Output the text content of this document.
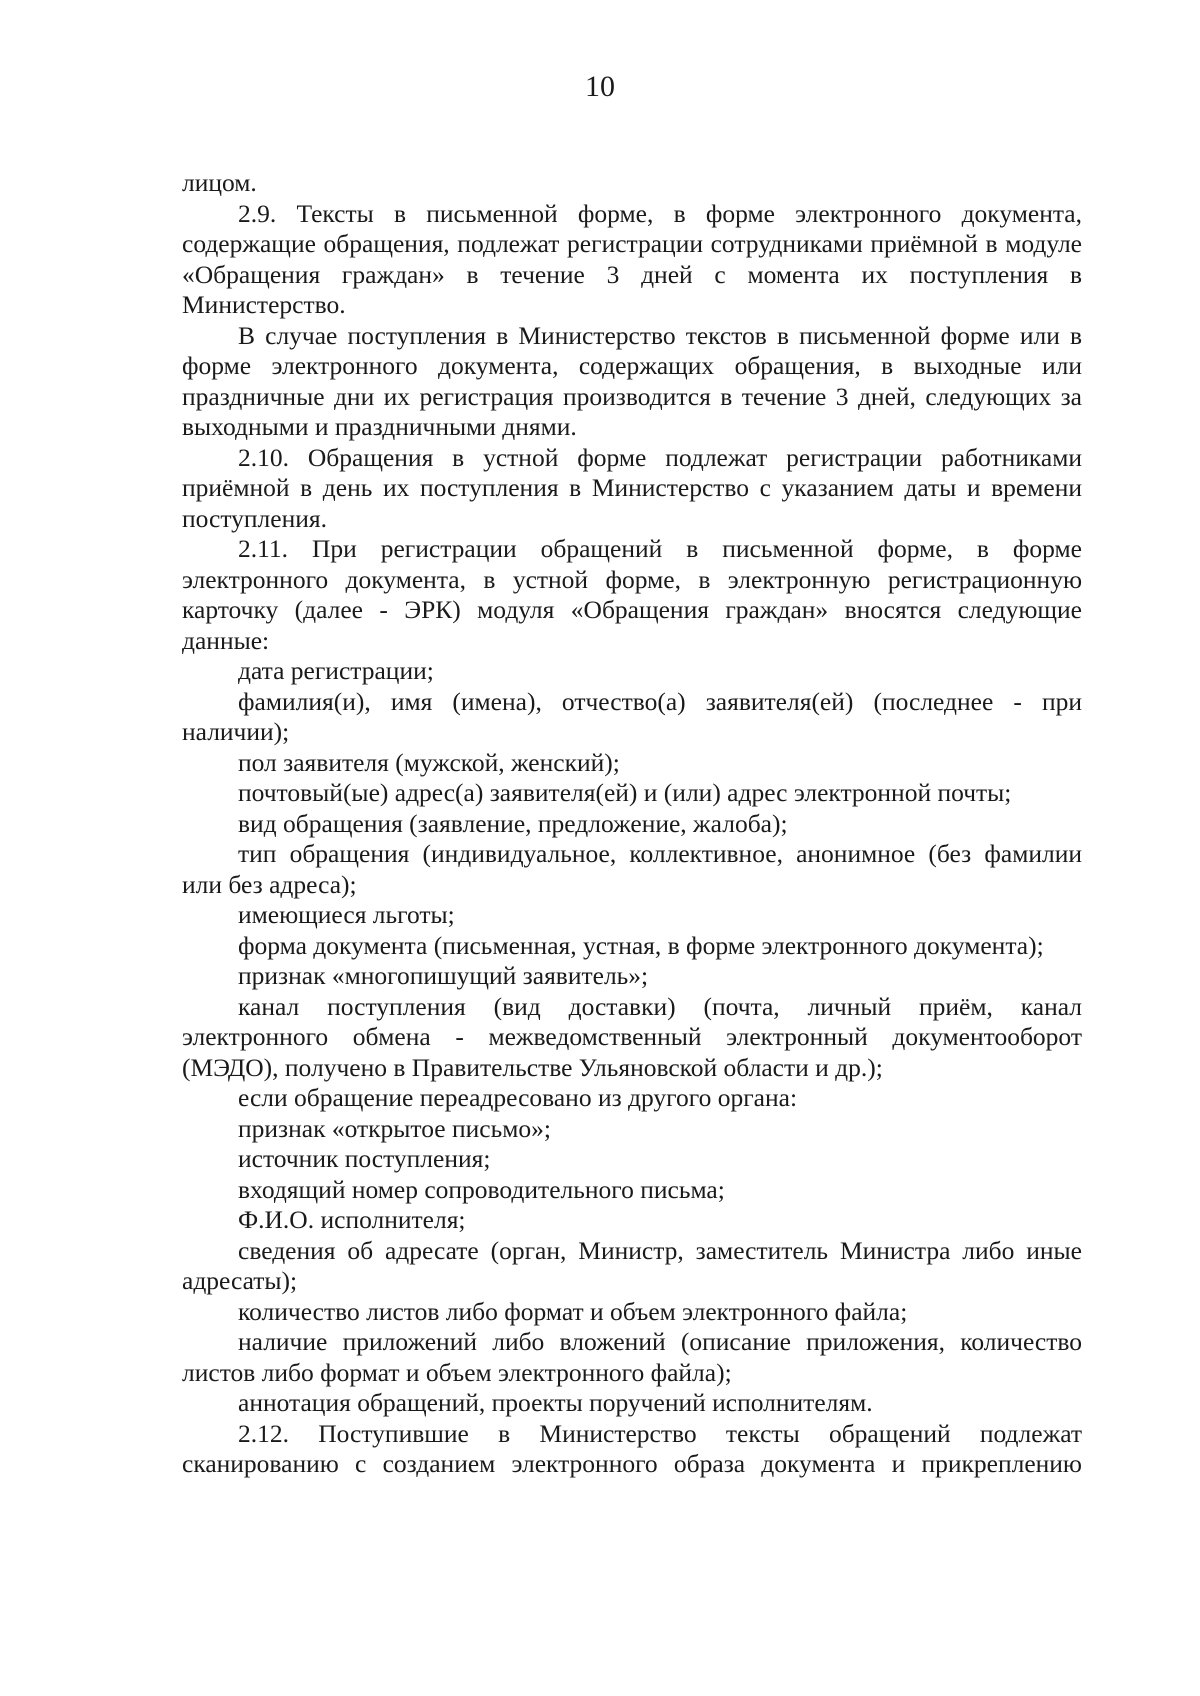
10

лицом.

2.9. Тексты в письменной форме, в форме электронного документа, содержащие обращения, подлежат регистрации сотрудниками приёмной в модуле «Обращения граждан» в течение 3 дней с момента их поступления в Министерство.

В случае поступления в Министерство текстов в письменной форме или в форме электронного документа, содержащих обращения, в выходные или праздничные дни их регистрация производится в течение 3 дней, следующих за выходными и праздничными днями.

2.10. Обращения в устной форме подлежат регистрации работниками приёмной в день их поступления в Министерство с указанием даты и времени поступления.

2.11. При регистрации обращений в письменной форме, в форме электронного документа, в устной форме, в электронную регистрационную карточку (далее - ЭРК) модуля «Обращения граждан» вносятся следующие данные:

дата регистрации;

фамилия(и), имя (имена), отчество(а) заявителя(ей) (последнее - при наличии);

пол заявителя (мужской, женский);

почтовый(ые) адрес(а) заявителя(ей) и (или) адрес электронной почты;

вид обращения (заявление, предложение, жалоба);

тип обращения (индивидуальное, коллективное, анонимное (без фамилии или без адреса);

имеющиеся льготы;

форма документа (письменная, устная, в форме электронного документа);

признак «многопишущий заявитель»;

канал поступления (вид доставки) (почта, личный приём, канал электронного обмена - межведомственный электронный документооборот (МЭДО), получено в Правительстве Ульяновской области и др.);

если обращение переадресовано из другого органа:

признак «открытое письмо»;

источник поступления;

входящий номер сопроводительного письма;

Ф.И.О. исполнителя;

сведения об адресате (орган, Министр, заместитель Министра либо иные адресаты);

количество листов либо формат и объем электронного файла;

наличие приложений либо вложений (описание приложения, количество листов либо формат и объем электронного файла);

аннотация обращений, проекты поручений исполнителям.

2.12. Поступившие в Министерство тексты обращений подлежат сканированию с созданием электронного образа документа и прикреплению
